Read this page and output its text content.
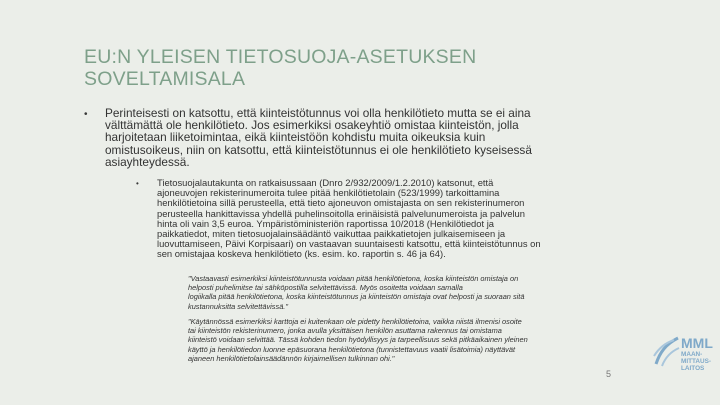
EU:N YLEISEN TIETOSUOJA-ASETUKSEN
SOVELTAMISALA
• Perinteisesti on katsottu, että kiinteistötunnus voi olla henkilötieto mutta se ei aina
välttämättä ole henkilötieto. Jos esimerkiksi osakeyhtiö omistaa kiinteistön, jolla
harjoitetaan liiketoimintaa, eikä kiinteistöön kohdistu muita oikeuksia kuin
omistusoikeus, niin on katsottu, että kiinteistötunnus ei ole henkilötieto kyseisessä
asiayhteydessä.
• Tietosuojalautakunta on ratkaisussaan (Dnro 2/932/2009/1.2.2010) katsonut, että
ajoneuvojen rekisterinumeroita tulee pitää henkilötietolain (523/1999) tarkoittamina
henkilötietoina sillä perusteella, että tieto ajoneuvon omistajasta on sen rekisterinumeron
perusteella hankittavissa yhdellä puhelinsoitolla erinäisistä palvelunumeroista ja palvelun
hinta oli vain 3,5 euroa. Ympäristöministeriön raportissa 10/2018 (Henkilötiedot ja
paikkatiedot, miten tietosuojalainsäädäntö vaikuttaa paikkatietojen julkaisemiseen ja
luovuttamiseen, Päivi Korpisaari) on vastaavan suuntaisesti katsottu, että kiinteistötunnus on
sen omistajaa koskeva henkilötieto (ks. esim. ko. raportin s. 46 ja 64).
"Vastaavasti esimerkiksi kiinteistötunnusta voidaan pitää henkilötietona, koska kiinteistön omistaja on
helposti puhelimitse tai sähköpostilla selvitettävissä. Myös osoitetta voidaan samalla
logiikalla pitää henkilötietona, koska kiinteistötunnus ja kiinteistön omistaja ovat helposti ja suoraan sitä
kustannuksitta selvitettävissä."
"Käytännössä esimerkiksi karttoja ei kuitenkaan ole pidetty henkilötietoina, vaikka niistä ilmenisi osoite
tai kiinteistön rekisterinumero, jonka avulla yksittäisen henkilön asuttama rakennus tai omistama
kiinteistö voidaan selvittää. Tässä kohden tiedon hyödyllisyys ja tarpeellisuus sekä pitkäaikainen yleinen
käyttö ja henkilötiedon luonne epäsuorana henkilötietona (tunnistettavuus vaatii lisätoimia) näyttävät
ajaneen henkilötietolainsäädännön kirjaimellisen tulkinnan ohi."
MML
MAAN-
MITTAUS-
LAITOS
5
